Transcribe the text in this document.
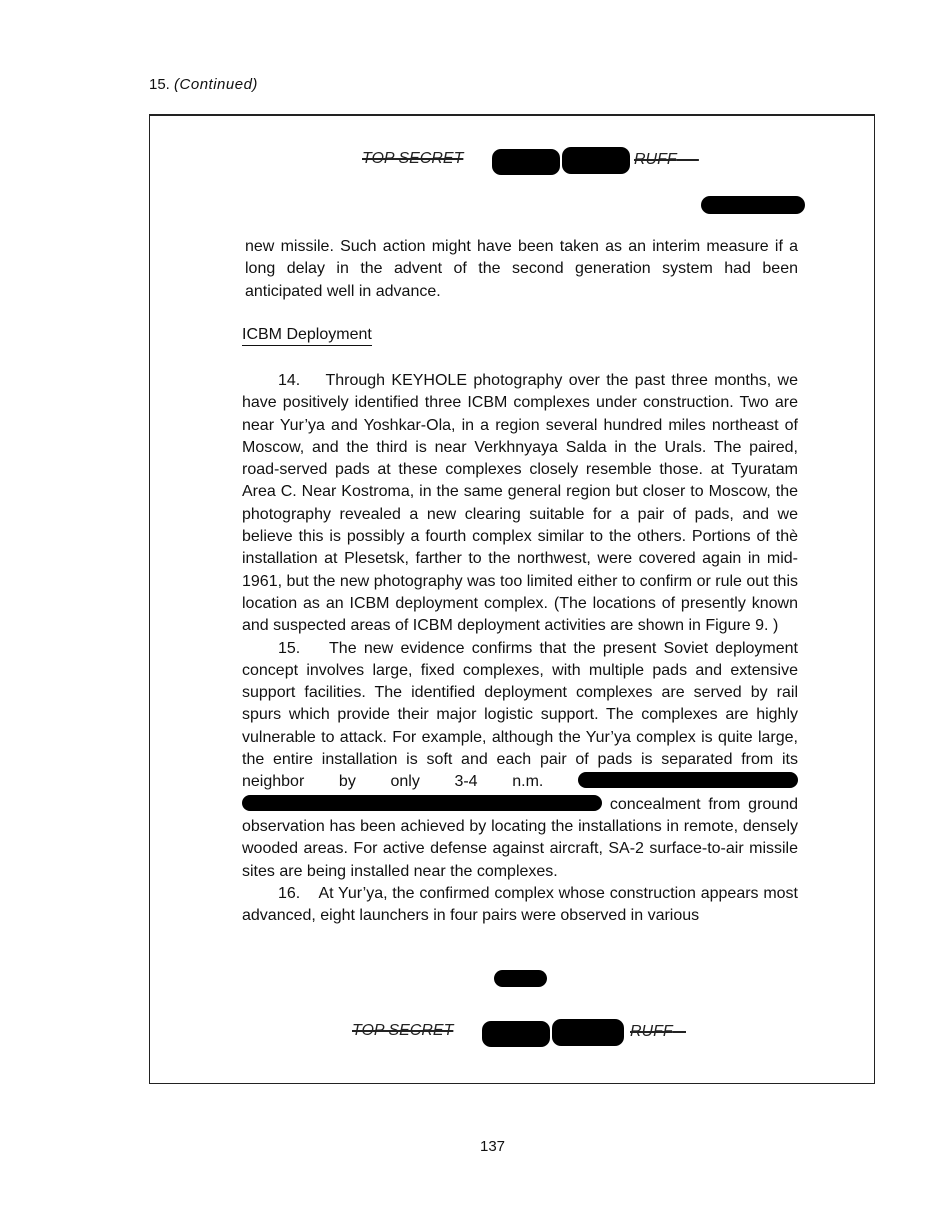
15. (Continued)
TOP SECRET	RUFF
new missile. Such action might have been taken as an interim measure if a long delay in the advent of the second generation system had been anticipated well in advance.
ICBM Deployment
14. Through KEYHOLE photography over the past three months, we have positively identified three ICBM complexes under construction. Two are near Yur’ya and Yoshkar-Ola, in a region several hundred miles northeast of Moscow, and the third is near Verkhnyaya Salda in the Urals. The paired, road-served pads at these complexes closely resemble those. at Tyuratam Area C. Near Kostroma, in the same general region but closer to Moscow, the photography revealed a new clearing suitable for a pair of pads, and we believe this is possibly a fourth complex similar to the others. Portions of thè installation at Plesetsk, farther to the northwest, were covered again in mid-1961, but the new photography was too limited either to confirm or rule out this location as an ICBM deployment complex. (The locations of presently known and suspected areas of ICBM deployment activities are shown in Figure 9. )
15. The new evidence confirms that the present Soviet deployment concept involves large, fixed complexes, with multiple pads and extensive support facilities. The identified deployment complexes are served by rail spurs which provide their major logistic support. The complexes are highly vulnerable to attack. For example, although the Yur’ya complex is quite large, the entire installation is soft and each pair of pads is separated from its neighbor by only 3-4 n.m.   concealment from ground observation has been achieved by locating the installations in remote, densely wooded areas. For active defense against aircraft, SA-2 surface-to-air missile sites are being installed near the complexes.
16. At Yur’ya, the confirmed complex whose construction appears most advanced, eight launchers in four pairs were observed in various
TOP SECRET	RUFF
137
